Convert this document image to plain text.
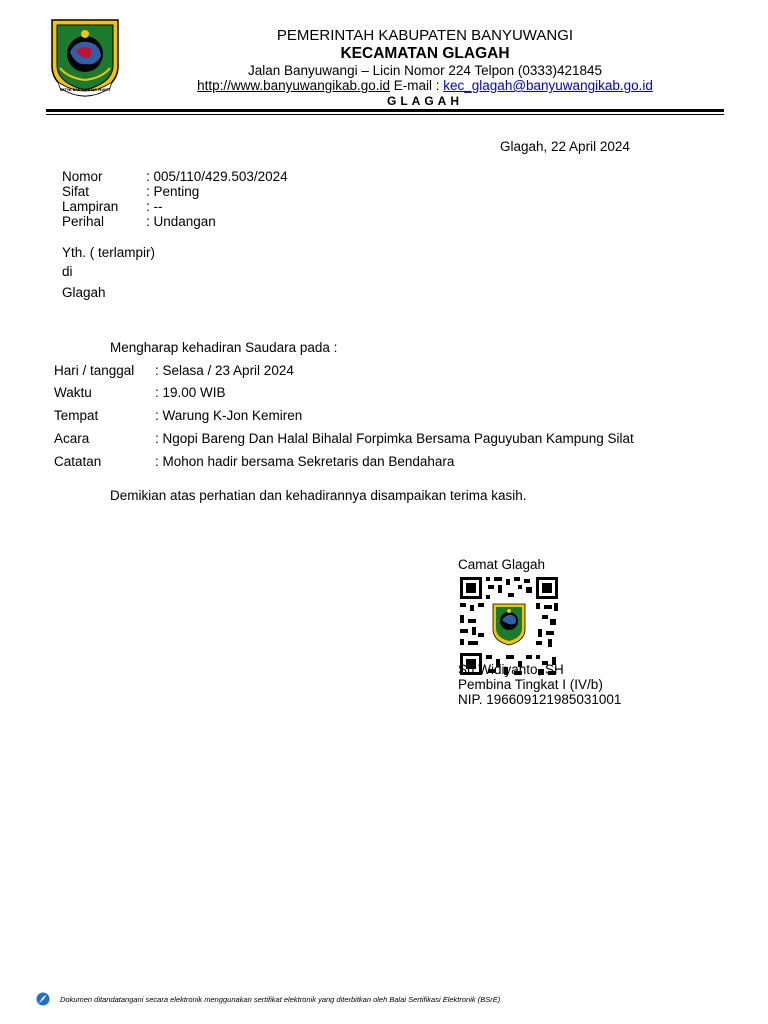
SATYA BAKTI PRAJA MUKTI
PEMERINTAH KABUPATEN BANYUWANGI
KECAMATAN GLAGAH
Jalan Banyuwangi – Licin Nomor 224 Telpon (0333)421845
http://www.banyuwangikab.go.id E-mail : kec_glagah@banyuwangikab.go.id
GLAGAH
Glagah, 22 April 2024
Nomor	: 005/110/429.503/2024
Sifat	: Penting
Lampiran : --
Perihal	: Undangan
Yth. ( terlampir)
di
Glagah
Mengharap kehadiran Saudara pada :
Hari / tanggal : Selasa / 23 April 2024
Waktu	: 19.00 WIB
Tempat	: Warung K-Jon Kemiren
Acara	: Ngopi Bareng Dan Halal Bihalal Forpimka Bersama Paguyuban Kampung Silat
Catatan	: Mohon hadir bersama Sekretaris dan Bendahara
Demikian atas perhatian dan kehadirannya disampaikan terima kasih.
Camat Glagah
Sri Widiyanto, SH
Pembina Tingkat I (IV/b)
NIP. 196609121985031001
Dokumen ditandatangani secara elektronik menggunakan sertifikat elektronik yang diterbitkan oleh Balai Sertifikasi Elektronik (BSrE)
